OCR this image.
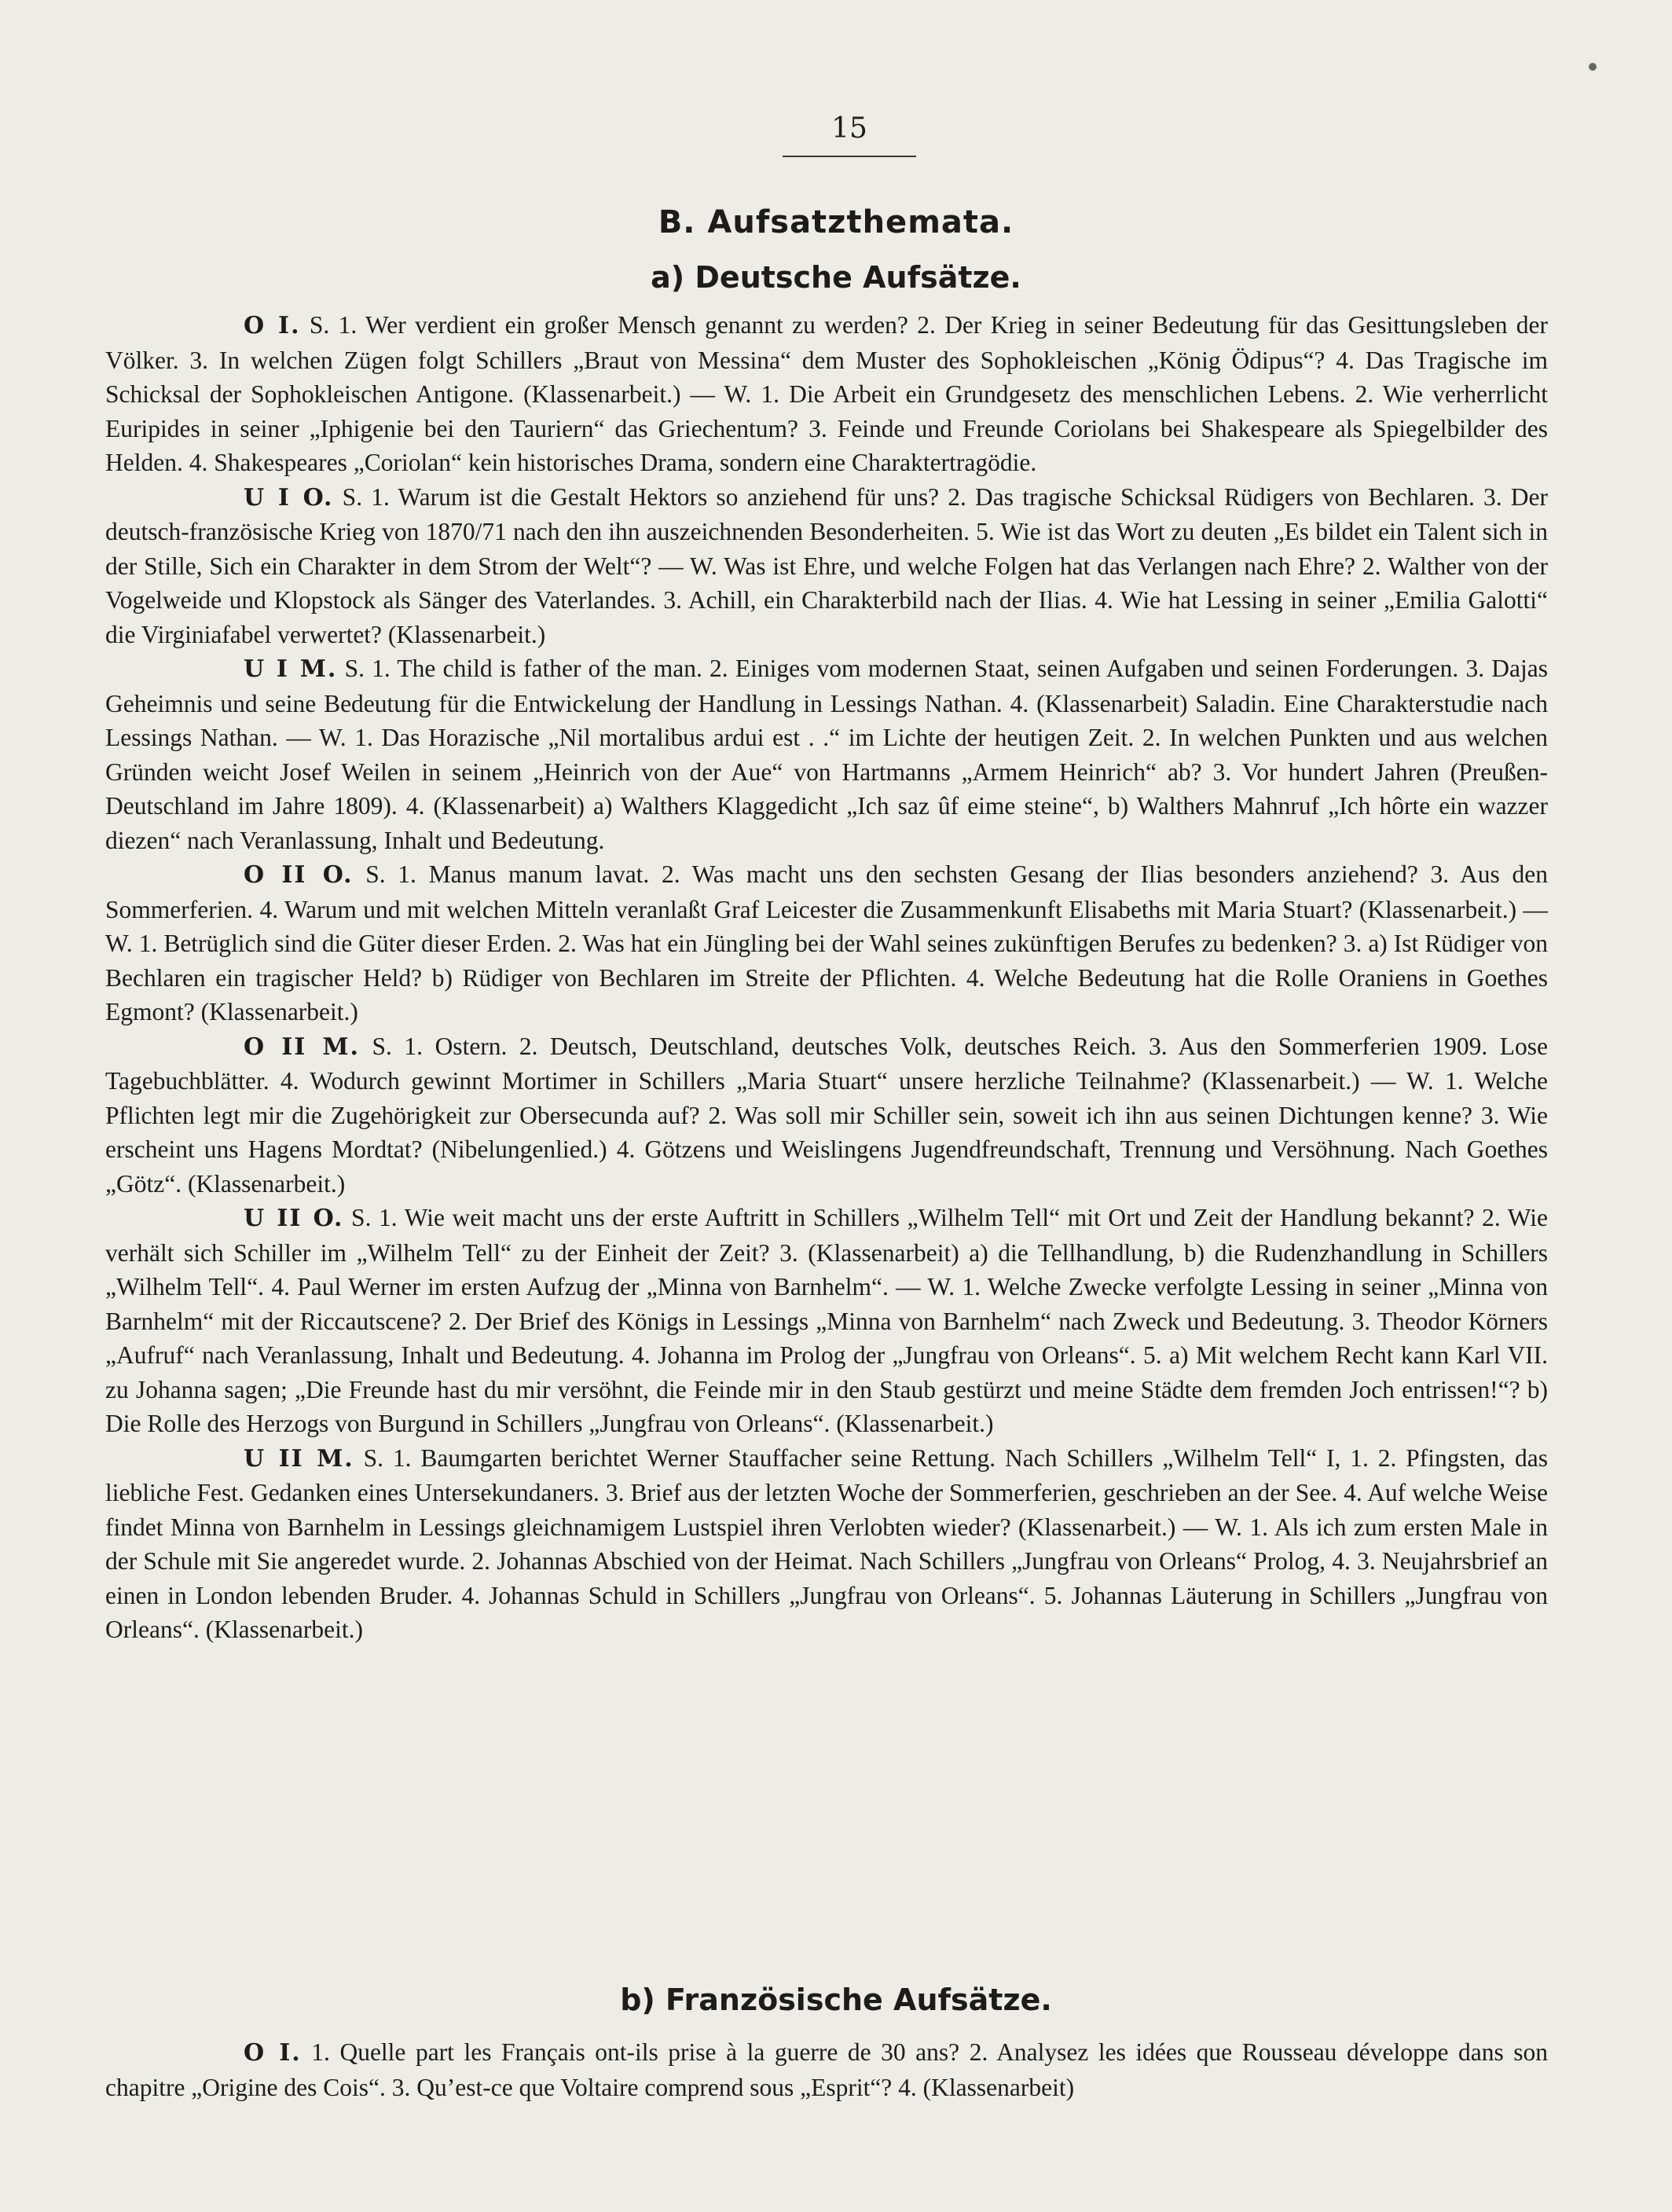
15
B. Aufsatzthemata.
a) Deutsche Aufsätze.

O I. S. 1. Wer verdient ein großer Mensch genannt zu werden? 2. Der Krieg in seiner Bedeutung für das Gesittungsleben der Völker. 3. In welchen Zügen folgt Schillers „Braut von Messina“ dem Muster des Sophokleischen „König Ödipus“? 4. Das Tragische im Schicksal der Sophokleischen Antigone. (Klassenarbeit.) — W. 1. Die Arbeit ein Grundgesetz des menschlichen Lebens. 2. Wie verherrlicht Euripides in seiner „Iphigenie bei den Tauriern“ das Griechentum? 3. Feinde und Freunde Coriolans bei Shakespeare als Spiegelbilder des Helden. 4. Shakespeares „Coriolan“ kein historisches Drama, sondern eine Charaktertragödie.

U I O. S. 1. Warum ist die Gestalt Hektors so anziehend für uns? 2. Das tragische Schicksal Rüdigers von Bechlaren. 3. Der deutsch-französische Krieg von 1870/71 nach den ihn auszeichnenden Besonderheiten. 5. Wie ist das Wort zu deuten „Es bildet ein Talent sich in der Stille, Sich ein Charakter in dem Strom der Welt“? — W. Was ist Ehre, und welche Folgen hat das Verlangen nach Ehre? 2. Walther von der Vogelweide und Klopstock als Sänger des Vaterlandes. 3. Achill, ein Charakterbild nach der Ilias. 4. Wie hat Lessing in seiner „Emilia Galotti“ die Virginiafabel verwertet? (Klassenarbeit.)

U I M. S. 1. The child is father of the man. 2. Einiges vom modernen Staat, seinen Aufgaben und seinen Forderungen. 3. Dajas Geheimnis und seine Bedeutung für die Entwickelung der Handlung in Lessings Nathan. 4. (Klassenarbeit) Saladin. Eine Charakterstudie nach Lessings Nathan. — W. 1. Das Horazische „Nil mortalibus ardui est . .“ im Lichte der heutigen Zeit. 2. In welchen Punkten und aus welchen Gründen weicht Josef Weilen in seinem „Heinrich von der Aue“ von Hartmanns „Armem Heinrich“ ab? 3. Vor hundert Jahren (Preußen-Deutschland im Jahre 1809). 4. (Klassenarbeit) a) Walthers Klaggedicht „Ich saz ûf eime steine“, b) Walthers Mahnruf „Ich hôrte ein wazzer diezen“ nach Veranlassung, Inhalt und Bedeutung.

O II O. S. 1. Manus manum lavat. 2. Was macht uns den sechsten Gesang der Ilias besonders anziehend? 3. Aus den Sommerferien. 4. Warum und mit welchen Mitteln veranlaßt Graf Leicester die Zusammenkunft Elisabeths mit Maria Stuart? (Klassenarbeit.) — W. 1. Betrüglich sind die Güter dieser Erden. 2. Was hat ein Jüngling bei der Wahl seines zukünftigen Berufes zu bedenken? 3. a) Ist Rüdiger von Bechlaren ein tragischer Held? b) Rüdiger von Bechlaren im Streite der Pflichten. 4. Welche Bedeutung hat die Rolle Oraniens in Goethes Egmont? (Klassenarbeit.)

O II M. S. 1. Ostern. 2. Deutsch, Deutschland, deutsches Volk, deutsches Reich. 3. Aus den Sommerferien 1909. Lose Tagebuchblätter. 4. Wodurch gewinnt Mortimer in Schillers „Maria Stuart“ unsere herzliche Teilnahme? (Klassenarbeit.) — W. 1. Welche Pflichten legt mir die Zugehörigkeit zur Obersecunda auf? 2. Was soll mir Schiller sein, soweit ich ihn aus seinen Dichtungen kenne? 3. Wie erscheint uns Hagens Mordtat? (Nibelungenlied.) 4. Götzens und Weislingens Jugendfreundschaft, Trennung und Versöhnung. Nach Goethes „Götz“. (Klassenarbeit.)

U II O. S. 1. Wie weit macht uns der erste Auftritt in Schillers „Wilhelm Tell“ mit Ort und Zeit der Handlung bekannt? 2. Wie verhält sich Schiller im „Wilhelm Tell“ zu der Einheit der Zeit? 3. (Klassenarbeit) a) die Tellhandlung, b) die Rudenzhandlung in Schillers „Wilhelm Tell“. 4. Paul Werner im ersten Aufzug der „Minna von Barnhelm“. — W. 1. Welche Zwecke verfolgte Lessing in seiner „Minna von Barnhelm“ mit der Riccautscene? 2. Der Brief des Königs in Lessings „Minna von Barnhelm“ nach Zweck und Bedeutung. 3. Theodor Körners „Aufruf“ nach Veranlassung, Inhalt und Bedeutung. 4. Johanna im Prolog der „Jungfrau von Orleans“. 5. a) Mit welchem Recht kann Karl VII. zu Johanna sagen; „Die Freunde hast du mir versöhnt, die Feinde mir in den Staub gestürzt und meine Städte dem fremden Joch entrissen!“? b) Die Rolle des Herzogs von Burgund in Schillers „Jungfrau von Orleans“. (Klassenarbeit.)

U II M. S. 1. Baumgarten berichtet Werner Stauffacher seine Rettung. Nach Schillers „Wilhelm Tell“ I, 1. 2. Pfingsten, das liebliche Fest. Gedanken eines Untersekundaners. 3. Brief aus der letzten Woche der Sommerferien, geschrieben an der See. 4. Auf welche Weise findet Minna von Barnhelm in Lessings gleichnamigem Lustspiel ihren Verlobten wieder? (Klassenarbeit.) — W. 1. Als ich zum ersten Male in der Schule mit Sie angeredet wurde. 2. Johannas Abschied von der Heimat. Nach Schillers „Jungfrau von Orleans“ Prolog, 4. 3. Neujahrsbrief an einen in London lebenden Bruder. 4. Johannas Schuld in Schillers „Jungfrau von Orleans“. 5. Johannas Läuterung in Schillers „Jungfrau von Orleans“. (Klassenarbeit.)

b) Französische Aufsätze.

O I. 1. Quelle part les Français ont-ils prise à la guerre de 30 ans? 2. Analysez les idées que Rousseau développe dans son chapitre „Origine des Cois“. 3. Qu’est-ce que Voltaire comprend sous „Esprit“? 4. (Klassenarbeit)
